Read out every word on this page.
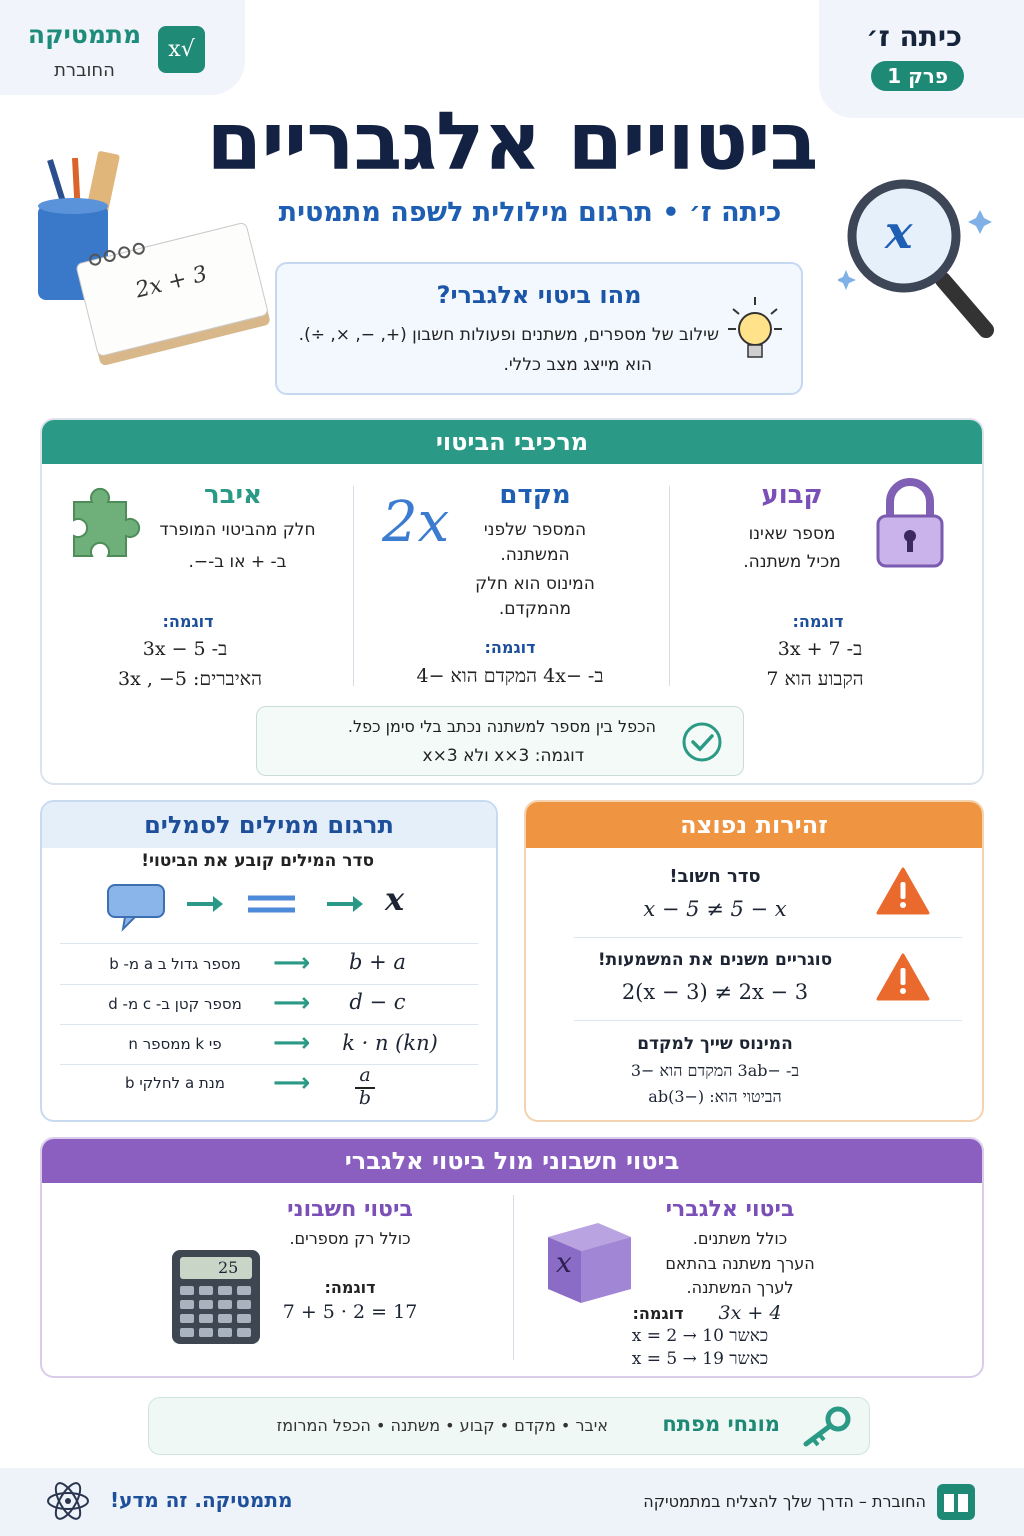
מתמטיקה
החוברת
√x	כיתה ז׳
פרק 1
ביטויים אלגבריים
כיתה ז׳ • תרגום מילולית לשפה מתמטית
2x + 3
x
מהו ביטוי אלגברי?
שילוב של מספרים, משתנים ופעולות חשבון (+, −, ×, ÷).
הוא מייצג מצב כללי.
מרכיבי הביטוי
קבוע
מספר שאינו
מכיל משתנה.
דוגמה:
ב- 3x + 7
הקבוע הוא 7
מקדם
2x	המספר שלפני
המשתנה.
המינוס הוא חלק
מהמקדם.
דוגמה:
ב- −4x המקדם הוא −4
איבר
חלק מהביטוי המופרד
ב- + או ב-−.
דוגמה:
ב- 3x − 5
האיברים: 3x , −5
הכפל בין מספר למשתנה נכתב בלי סימן כפל.
דוגמה: 3×x ולא 3×x
תרגום ממילים לסמלים
סדר המילים קובע את הביטוי!
x
מספר גדול ב a מ- b	⟶	b + a
מספר קטן ב- c מ- d	⟶	d − c
פי k ממספר n	⟶	k · n (kn)
מנת a לחלקי b	⟶	a
b
זהירות נפוצה
סדר חשוב!
x − 5 ≠ 5 − x
סוגריים משנים את המשמעות!
2(x − 3) ≠ 2x − 3
המינוס שייך למקדם
ב- −3ab המקדם הוא −3
הביטוי הוא: (−3)ab
ביטוי חשבוני מול ביטוי אלגברי
ביטוי אלגברי
כולל משתנים.
הערך משתנה בהתאם
לערך המשתנה.
דוגמה:	3x + 4
כאשר x = 2 → 10
כאשר x = 5 → 19
x
ביטוי חשבוני
כולל רק מספרים.
דוגמה:
7 + 5 · 2 = 17
25
מונחי מפתח
איבר • מקדם • קבוע • משתנה • הכפל המרומז
מתמטיקה. זה מדע!	החוברת – הדרך שלך להצליח במתמטיקה
